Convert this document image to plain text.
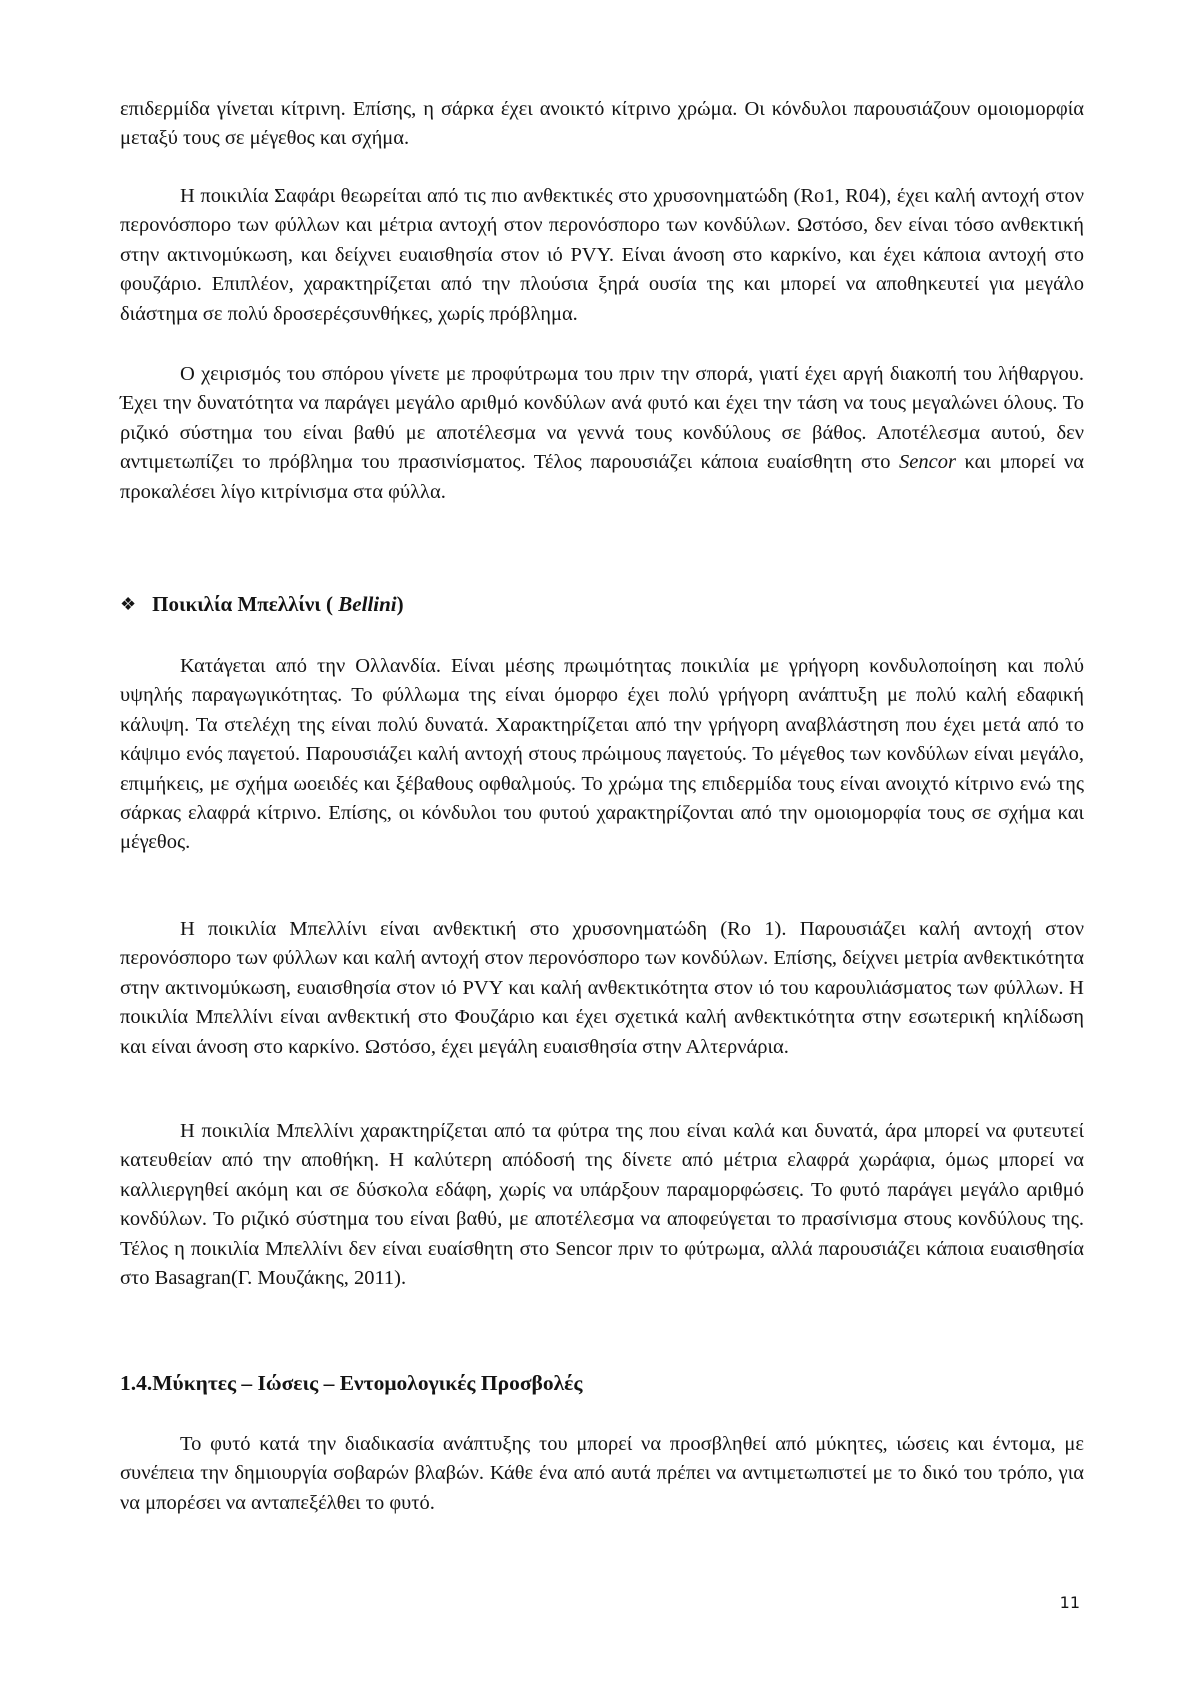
επιδερμίδα γίνεται κίτρινη. Επίσης, η σάρκα έχει ανοικτό κίτρινο χρώμα. Οι κόνδυλοι παρουσιάζουν ομοιομορφία μεταξύ τους σε μέγεθος και σχήμα.

Η ποικιλία Σαφάρι θεωρείται από τις πιο ανθεκτικές στο χρυσονηματώδη (Ro1, R04), έχει καλή αντοχή στον περονόσπορο των φύλλων και μέτρια αντοχή στον περονόσπορο των κονδύλων. Ωστόσο, δεν είναι τόσο ανθεκτική στην ακτινομύκωση, και δείχνει ευαισθησία στον ιό PVY. Είναι άνοση στο καρκίνο, και έχει κάποια αντοχή στο φουζάριο. Επιπλέον, χαρακτηρίζεται από την πλούσια ξηρά ουσία της και μπορεί να αποθηκευτεί για μεγάλο διάστημα σε πολύ δροσερέςσυνθήκες, χωρίς πρόβλημα.

Ο χειρισμός του σπόρου γίνετε με προφύτρωμα του πριν την σπορά, γιατί έχει αργή διακοπή του λήθαργου. Έχει την δυνατότητα να παράγει μεγάλο αριθμό κονδύλων ανά φυτό και έχει την τάση να τους μεγαλώνει όλους. Το ριζικό σύστημα του είναι βαθύ με αποτέλεσμα να γεννά τους κονδύλους σε βάθος. Αποτέλεσμα αυτού, δεν αντιμετωπίζει το πρόβλημα του πρασινίσματος. Τέλος παρουσιάζει κάποια ευαίσθητη στο Sencor και μπορεί να προκαλέσει λίγο κιτρίνισμα στα φύλλα.

❖ Ποικιλία Μπελλίνι ( Bellini)

Κατάγεται από την Ολλανδία. Είναι μέσης πρωιμότητας ποικιλία με γρήγορη κονδυλοποίηση και πολύ υψηλής παραγωγικότητας. Το φύλλωμα της είναι όμορφο έχει πολύ γρήγορη ανάπτυξη με πολύ καλή εδαφική κάλυψη. Τα στελέχη της είναι πολύ δυνατά. Χαρακτηρίζεται από την γρήγορη αναβλάστηση που έχει μετά από το κάψιμο ενός παγετού. Παρουσιάζει καλή αντοχή στους πρώιμους παγετούς. Το μέγεθος των κονδύλων είναι μεγάλο, επιμήκεις, με σχήμα ωοειδές και ξέβαθους οφθαλμούς. Το χρώμα της επιδερμίδα τους είναι ανοιχτό κίτρινο ενώ της σάρκας ελαφρά κίτρινο. Επίσης, οι κόνδυλοι του φυτού χαρακτηρίζονται από την ομοιομορφία τους σε σχήμα και μέγεθος.

Η ποικιλία Μπελλίνι είναι ανθεκτική στο χρυσονηματώδη (Ro 1). Παρουσιάζει καλή αντοχή στον περονόσπορο των φύλλων και καλή αντοχή στον περονόσπορο των κονδύλων. Επίσης, δείχνει μετρία ανθεκτικότητα στην ακτινομύκωση, ευαισθησία στον ιό PVY και καλή ανθεκτικότητα στον ιό του καρουλιάσματος των φύλλων. Η ποικιλία Μπελλίνι είναι ανθεκτική στο Φουζάριο και έχει σχετικά καλή ανθεκτικότητα στην εσωτερική κηλίδωση και είναι άνοση στο καρκίνο. Ωστόσο, έχει μεγάλη ευαισθησία στην Αλτερνάρια.

Η ποικιλία Μπελλίνι χαρακτηρίζεται από τα φύτρα της που είναι καλά και δυνατά, άρα μπορεί να φυτευτεί κατευθείαν από την αποθήκη. Η καλύτερη απόδοσή της δίνετε από μέτρια ελαφρά χωράφια, όμως μπορεί να καλλιεργηθεί ακόμη και σε δύσκολα εδάφη, χωρίς να υπάρξουν παραμορφώσεις. Το φυτό παράγει μεγάλο αριθμό κονδύλων. Το ριζικό σύστημα του είναι βαθύ, με αποτέλεσμα να αποφεύγεται το πρασίνισμα στους κονδύλους της. Τέλος η ποικιλία Μπελλίνι δεν είναι ευαίσθητη στο Sencor πριν το φύτρωμα, αλλά παρουσιάζει κάποια ευαισθησία στο Basagran(Γ. Μουζάκης, 2011).

1.4.Μύκητες – Ιώσεις – Εντομολογικές Προσβολές

Το φυτό κατά την διαδικασία ανάπτυξης του μπορεί να προσβληθεί από μύκητες, ιώσεις και έντομα, με συνέπεια την δημιουργία σοβαρών βλαβών. Κάθε ένα από αυτά πρέπει να αντιμετωπιστεί με το δικό του τρόπο, για να μπορέσει να ανταπεξέλθει το φυτό.

11
